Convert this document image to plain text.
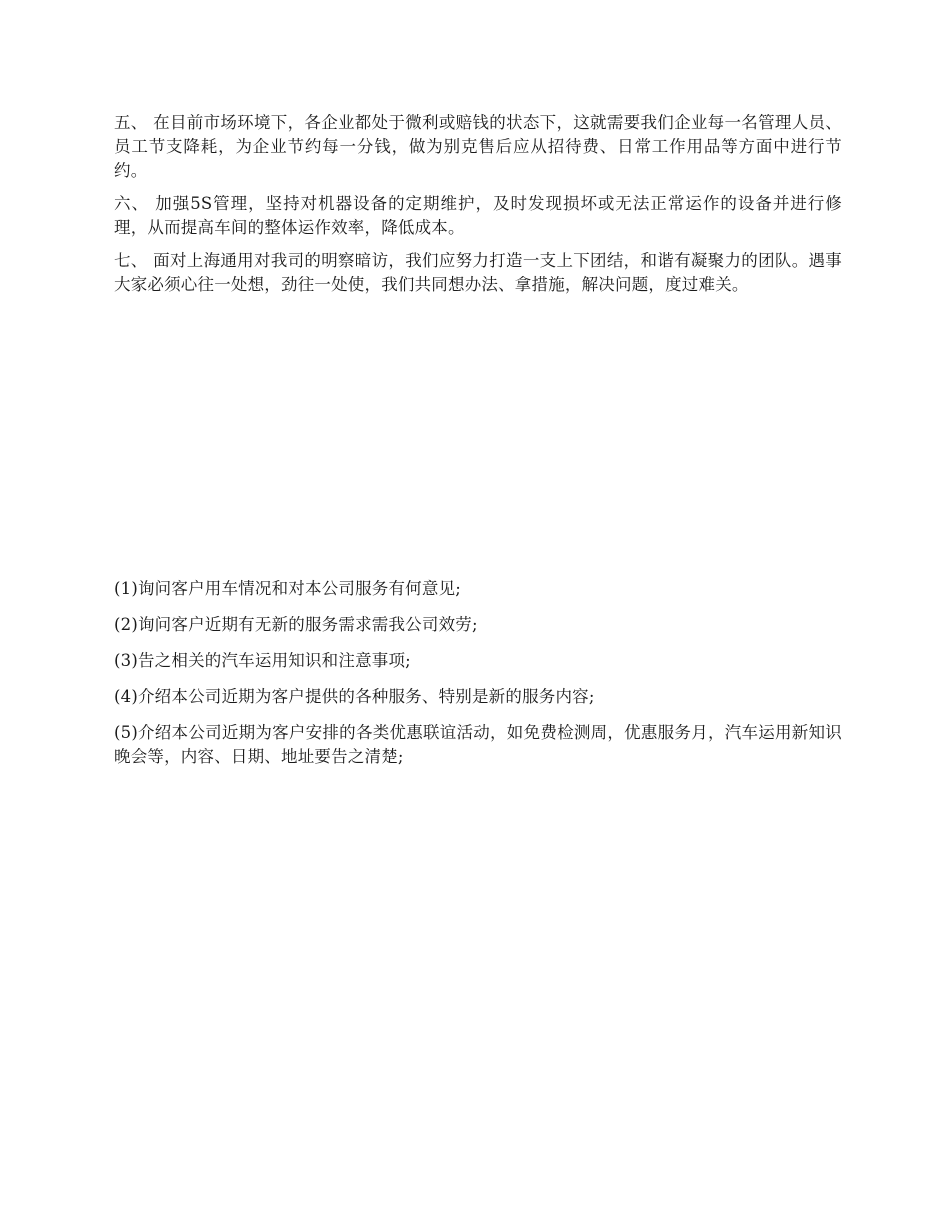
五、 在目前市场环境下，各企业都处于微利或赔钱的状态下，这就需要我们企业每一名管理人员、员工节支降耗，为企业节约每一分钱，做为别克售后应从招待费、日常工作用品等方面中进行节约。

六、 加强5S管理，坚持对机器设备的定期维护，及时发现损坏或无法正常运作的设备并进行修理，从而提高车间的整体运作效率，降低成本。

七、 面对上海通用对我司的明察暗访，我们应努力打造一支上下团结，和谐有凝聚力的团队。遇事大家必须心往一处想，劲往一处使，我们共同想办法、拿措施，解决问题，度过难关。

(1)询问客户用车情况和对本公司服务有何意见;

(2)询问客户近期有无新的服务需求需我公司效劳;

(3)告之相关的汽车运用知识和注意事项;

(4)介绍本公司近期为客户提供的各种服务、特别是新的服务内容;

(5)介绍本公司近期为客户安排的各类优惠联谊活动，如免费检测周，优惠服务月，汽车运用新知识晚会等，内容、日期、地址要告之清楚;
